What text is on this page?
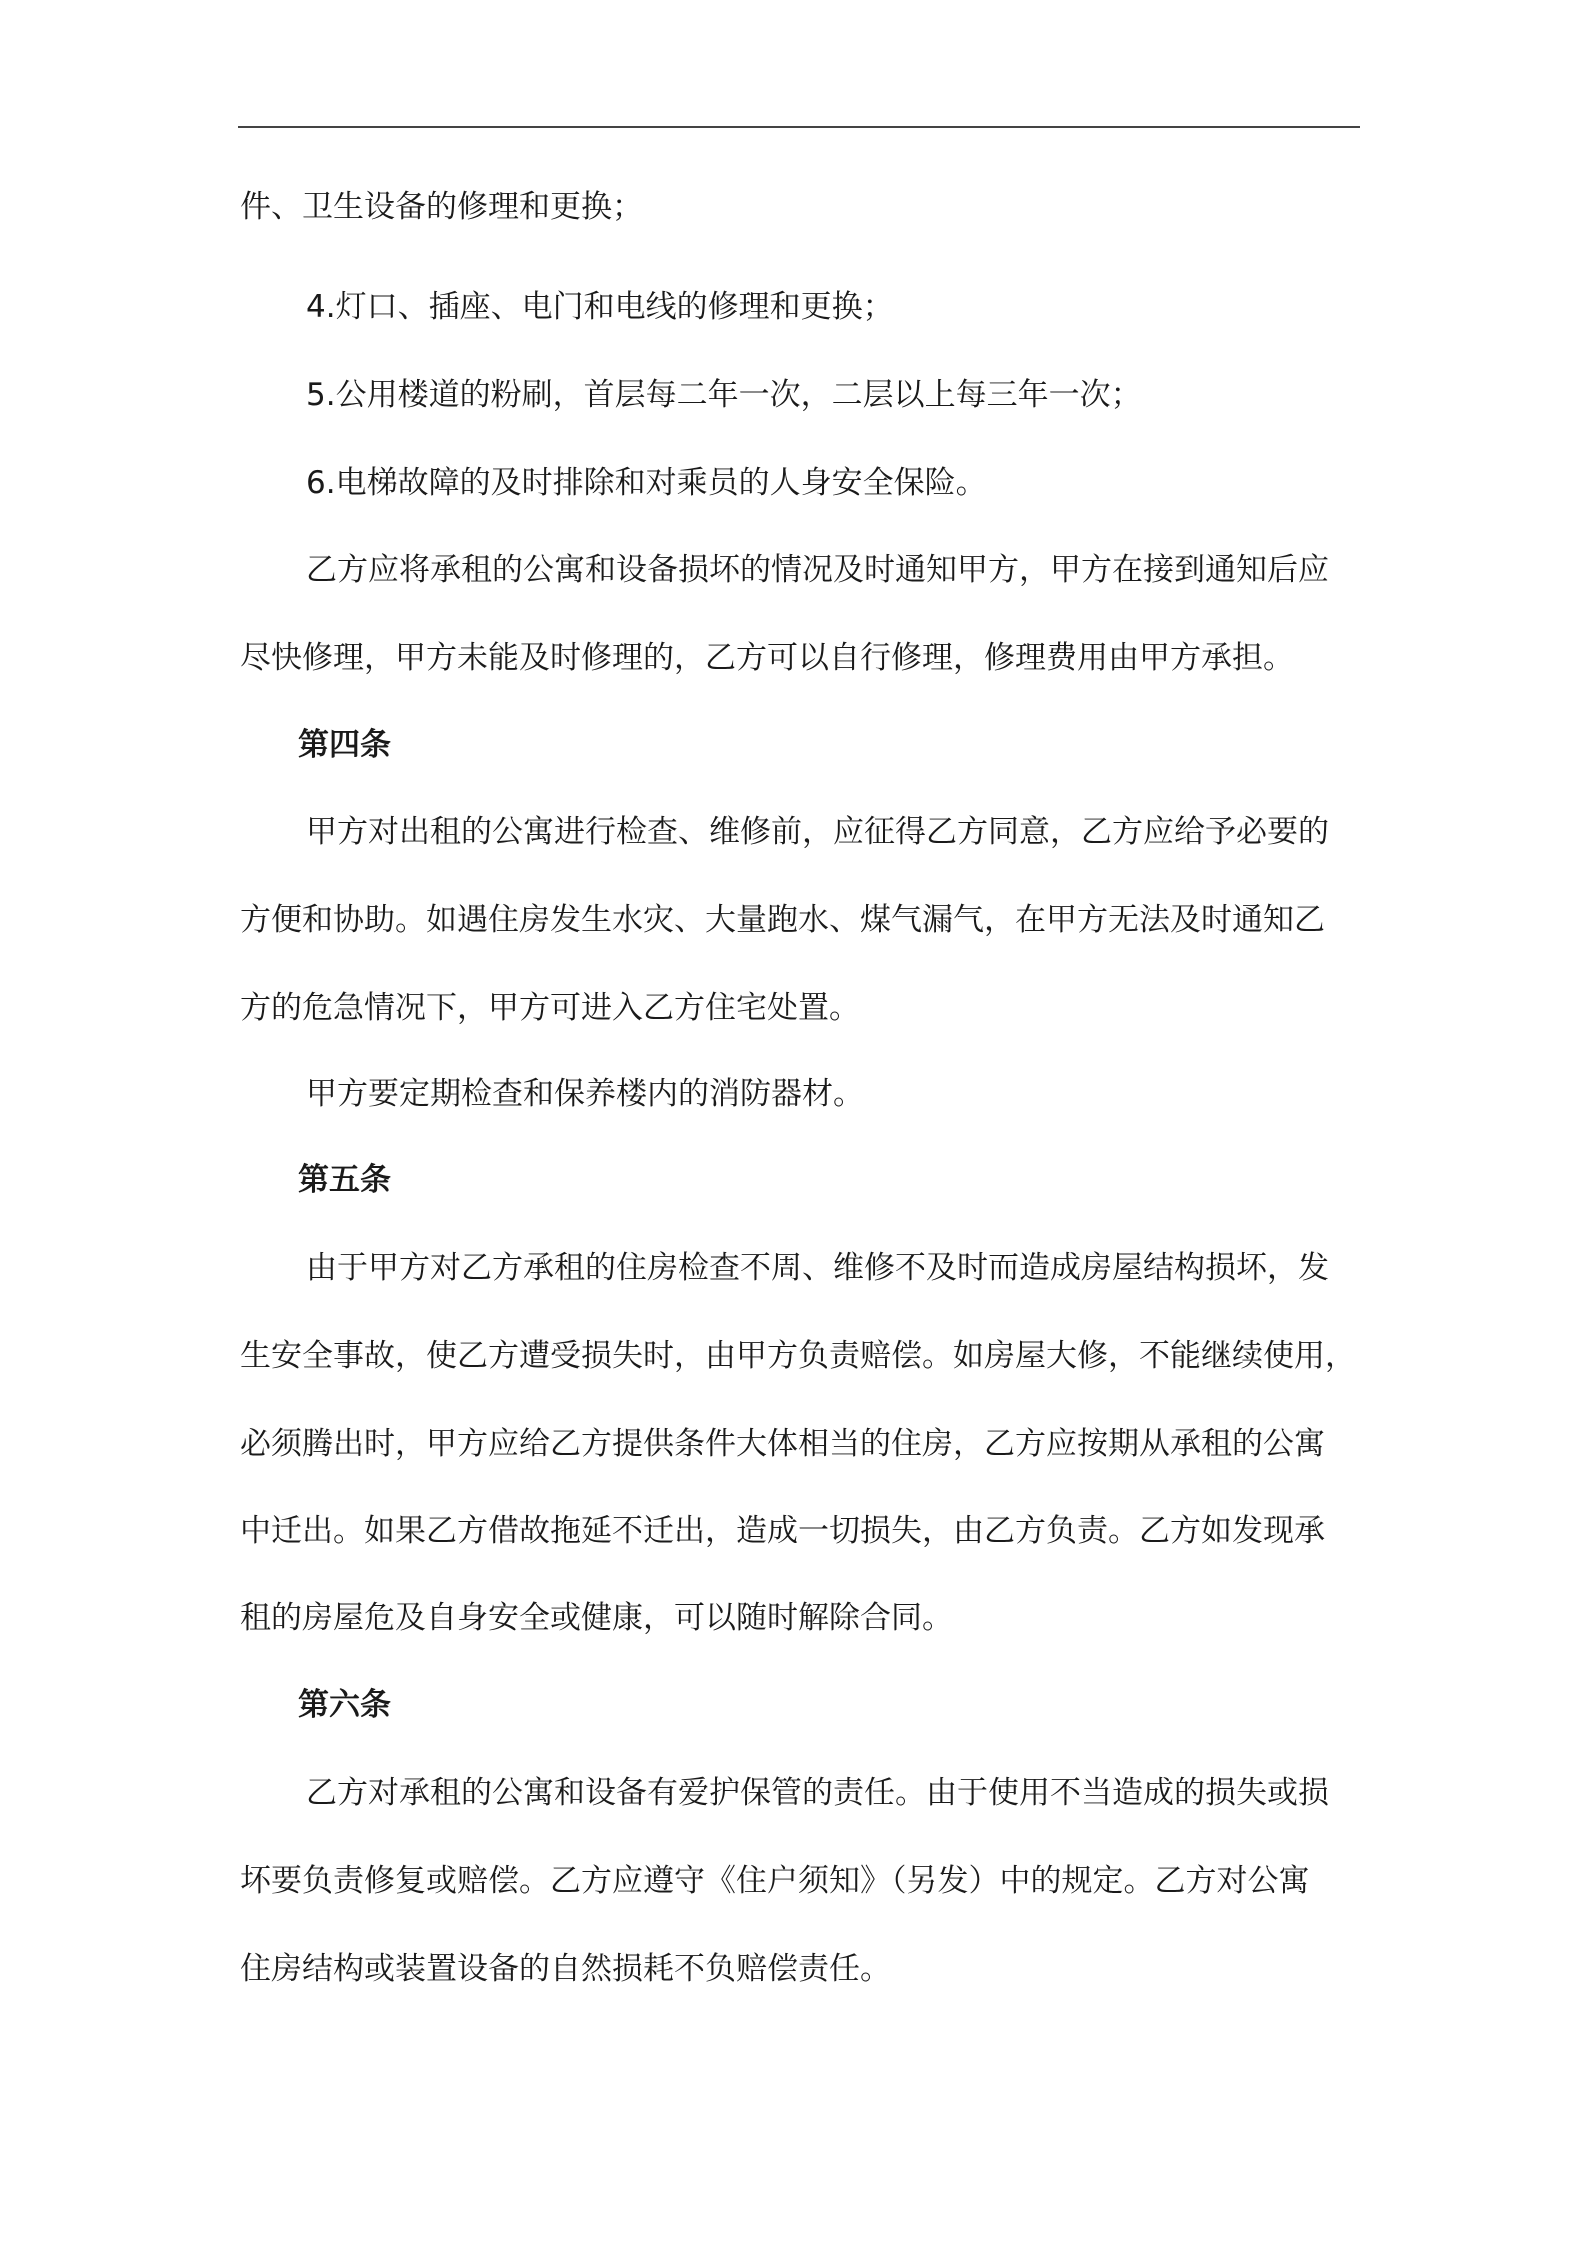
件、卫生设备的修理和更换；

4.灯口、插座、电门和电线的修理和更换；

5.公用楼道的粉刷，首层每二年一次，二层以上每三年一次；

6.电梯故障的及时排除和对乘员的人身安全保险。

乙方应将承租的公寓和设备损坏的情况及时通知甲方，甲方在接到通知后应

尽快修理，甲方未能及时修理的，乙方可以自行修理，修理费用由甲方承担。

第四条

甲方对出租的公寓进行检查、维修前，应征得乙方同意，乙方应给予必要的

方便和协助。如遇住房发生水灾、大量跑水、煤气漏气，在甲方无法及时通知乙

方的危急情况下，甲方可进入乙方住宅处置。

甲方要定期检查和保养楼内的消防器材。

第五条

由于甲方对乙方承租的住房检查不周、维修不及时而造成房屋结构损坏，发

生安全事故，使乙方遭受损失时，由甲方负责赔偿。如房屋大修，不能继续使用，

必须腾出时，甲方应给乙方提供条件大体相当的住房，乙方应按期从承租的公寓

中迁出。如果乙方借故拖延不迁出，造成一切损失，由乙方负责。乙方如发现承

租的房屋危及自身安全或健康，可以随时解除合同。

第六条

乙方对承租的公寓和设备有爱护保管的责任。由于使用不当造成的损失或损

坏要负责修复或赔偿。乙方应遵守《住户须知》（另发）中的规定。乙方对公寓

住房结构或装置设备的自然损耗不负赔偿责任。
